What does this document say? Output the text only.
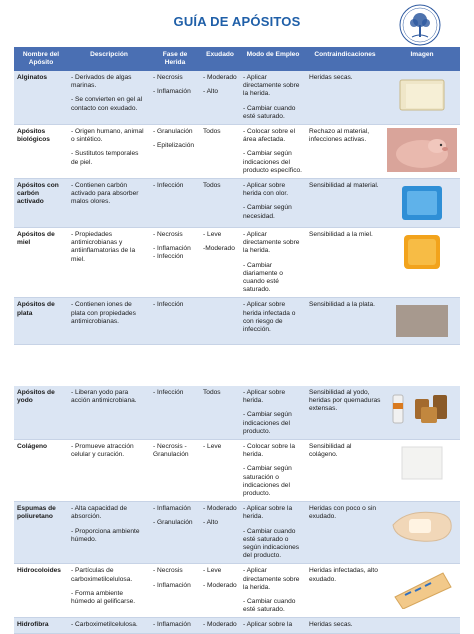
GUÍA DE APÓSITOS
Nombre del Apósito	Descripción	Fase de Herida	Exudado	Modo de Empleo	Contraindicaciones	Imagen

Alginatos	- Derivados de algas marinas.
- Se convierten en gel al contacto con exudado.	- Necrosis
- Inflamación	- Moderado
- Alto	- Aplicar directamente sobre la herida.
- Cambiar cuando esté saturado.	Heridas secas.

Apósitos biológicos	- Origen humano, animal o sintético.
- Sustitutos temporales de piel.	- Granulación
- Epitelización	Todos	- Colocar sobre el área afectada.
- Cambiar según indicaciones del producto específico.	Rechazo al material, infecciones activas.

Apósitos con carbón activado	- Contienen carbón activado para absorber malos olores.	- Infección	Todos	- Aplicar sobre herida con olor.
- Cambiar según necesidad.	Sensibilidad al material.

Apósitos de miel	- Propiedades antimicrobianas y antiinflamatorias de la miel.	- Necrosis
- Inflamación
- Infección	- Leve
-Moderado	- Aplicar directamente sobre la herida.
- Cambiar diariamente o cuando esté saturado.	Sensibilidad a la miel.

Apósitos de plata	- Contienen iones de plata con propiedades antimicrobianas.	- Infección		- Aplicar sobre herida infectada o con riesgo de infección.	Sensibilidad a la plata.

Apósitos de yodo	- Liberan yodo para acción antimicrobiana.	- Infección	Todos	- Aplicar sobre herida.
- Cambiar según indicaciones del producto.	Sensibilidad al yodo, heridas por quemaduras extensas.

Colágeno	- Promueve atracción celular y curación.	- Necrosis - Granulación	- Leve	- Colocar sobre la herida.
- Cambiar según saturación o indicaciones del producto.	Sensibilidad al colágeno.

Espumas de poliuretano	- Alta capacidad de absorción.
- Proporciona ambiente húmedo.	- Inflamación
- Granulación	- Moderado
- Alto	- Aplicar sobre la herida.
- Cambiar cuando esté saturado o según indicaciones del producto.	Heridas con poco o sin exudado.

Hidrocoloides	- Partículas de carboximetilcelulosa.
- Forma ambiente húmedo al gelificarse.	- Necrosis
- Inflamación	- Leve
- Moderado	- Aplicar directamente sobre la herida.
- Cambiar cuando esté saturado.	Heridas infectadas, alto exudado.

Hidrofibra	- Carboximetilcelulosa.	- Inflamación	- Moderado	- Aplicar sobre la	Heridas secas.	
